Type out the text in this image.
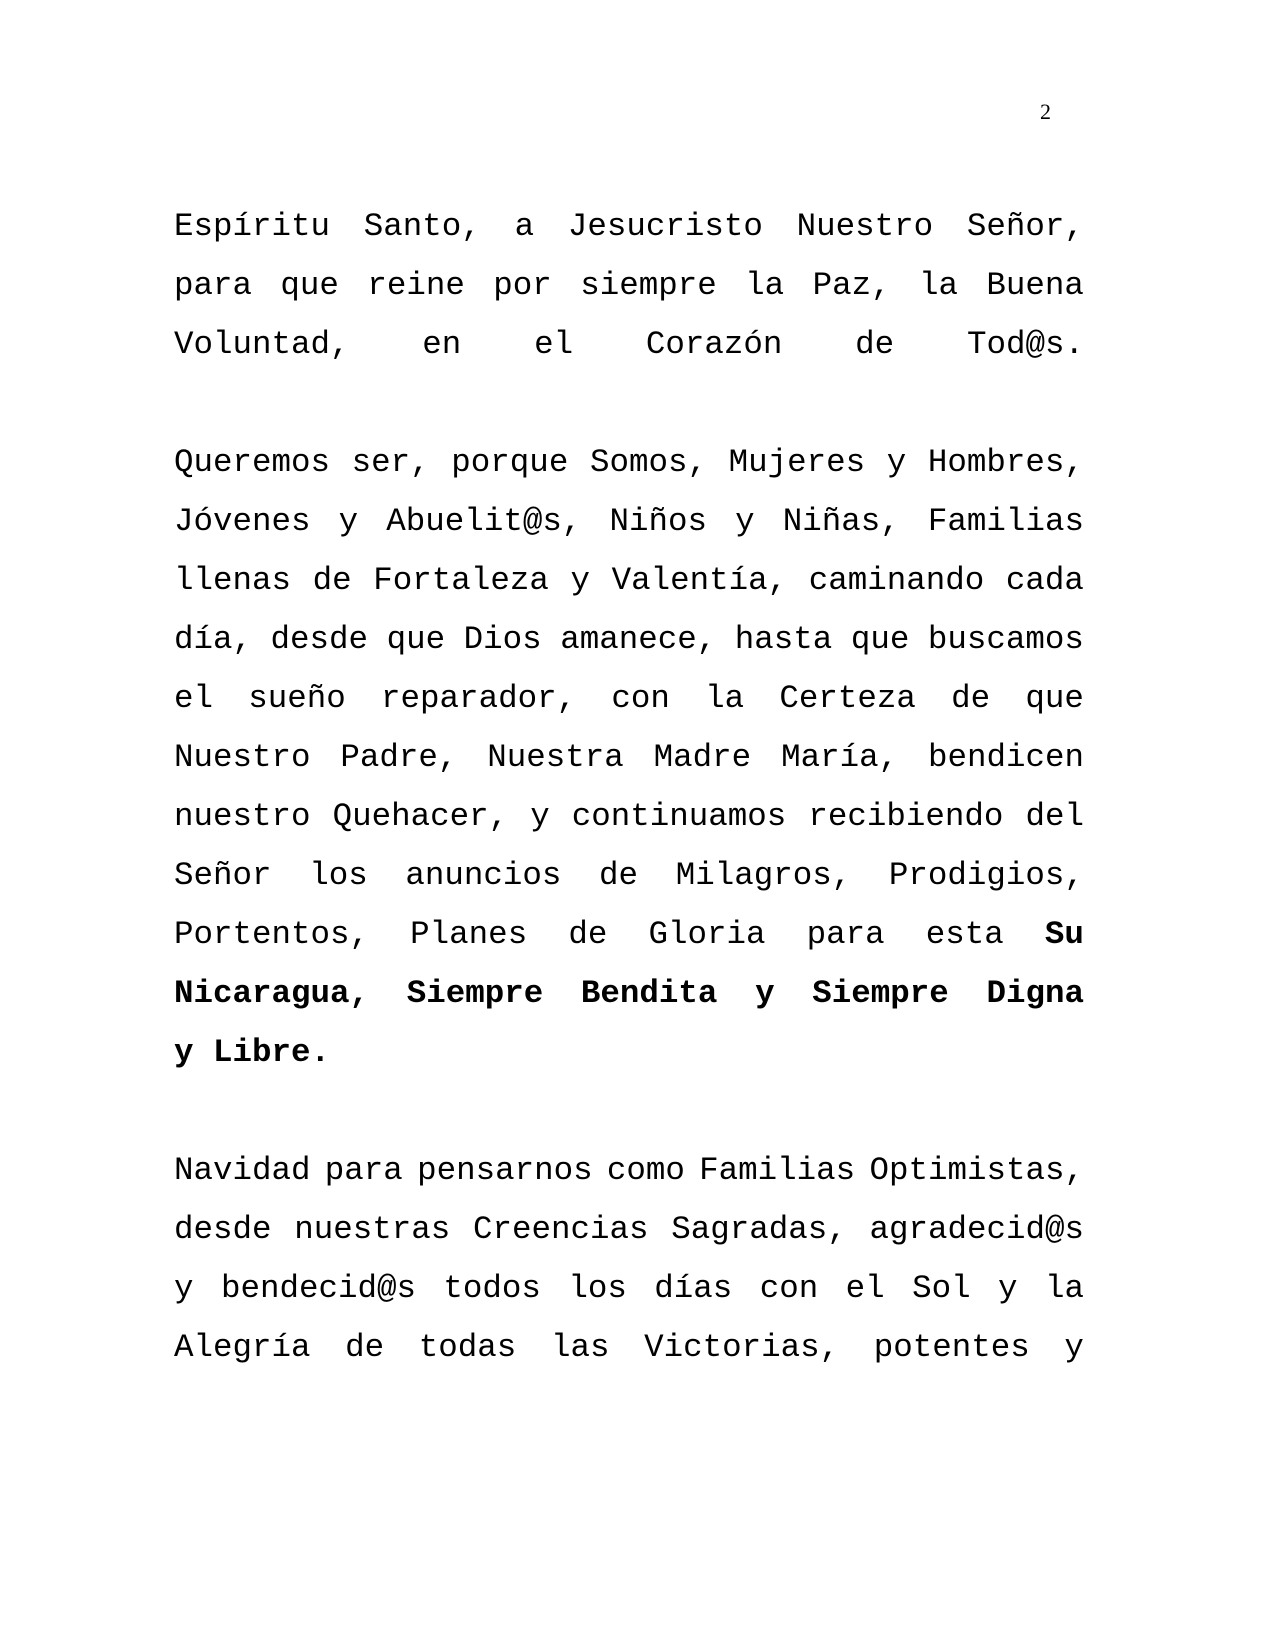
2
Espíritu Santo, a Jesucristo Nuestro Señor,
para que reine por siempre la Paz, la Buena
Voluntad, en el Corazón de Tod@s.
Queremos ser, porque Somos, Mujeres y Hombres,
Jóvenes y Abuelit@s, Niños y Niñas, Familias
llenas de Fortaleza y Valentía, caminando cada
día, desde que Dios amanece, hasta que buscamos
el sueño reparador, con la Certeza de que
Nuestro Padre, Nuestra Madre María, bendicen
nuestro Quehacer, y continuamos recibiendo del
Señor los anuncios de Milagros, Prodigios,
Portentos, Planes de Gloria para esta Su
Nicaragua, Siempre Bendita y Siempre Digna
y Libre.
Navidad para pensarnos como Familias Optimistas,
desde nuestras Creencias Sagradas, agradecid@s
y bendecid@s todos los días con el Sol y la
Alegría de todas las Victorias, potentes y
